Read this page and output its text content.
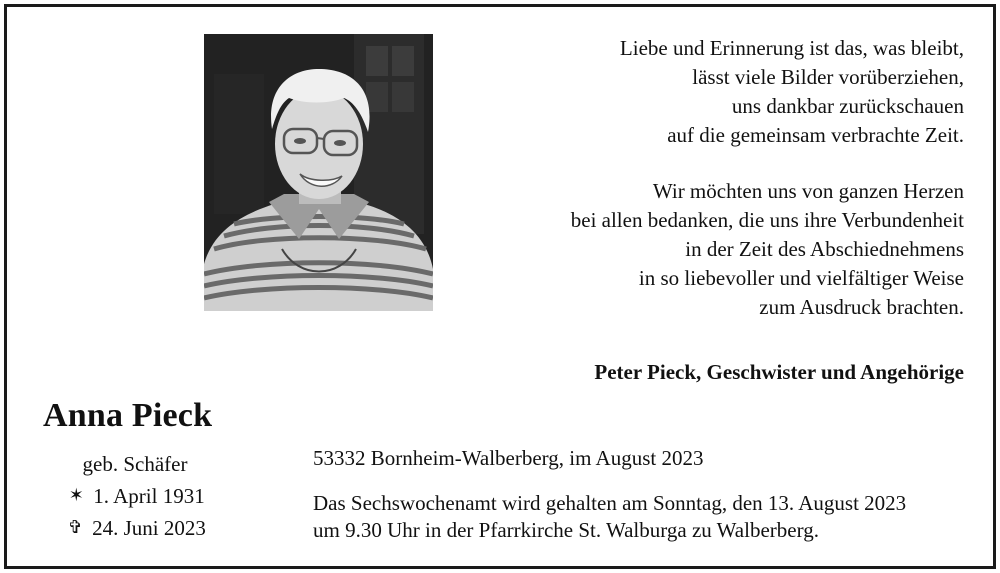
Liebe und Erinnerung ist das, was bleibt,
lässt viele Bilder vorüberziehen,
uns dankbar zurückschauen
auf die gemeinsam verbrachte Zeit.

Wir möchten uns von ganzen Herzen
bei allen bedanken, die uns ihre Verbundenheit
in der Zeit des Abschiednehmens
in so liebevoller und vielfältiger Weise
zum Ausdruck brachten.

Peter Pieck, Geschwister und Angehörige
Anna Pieck
geb. Schäfer
✶ 1. April 1931
✞ 24. Juni 2023
53332 Bornheim-Walberberg, im August 2023
Das Sechswochenamt wird gehalten am Sonntag, den 13. August 2023
um 9.30 Uhr in der Pfarrkirche St. Walburga zu Walberberg.
